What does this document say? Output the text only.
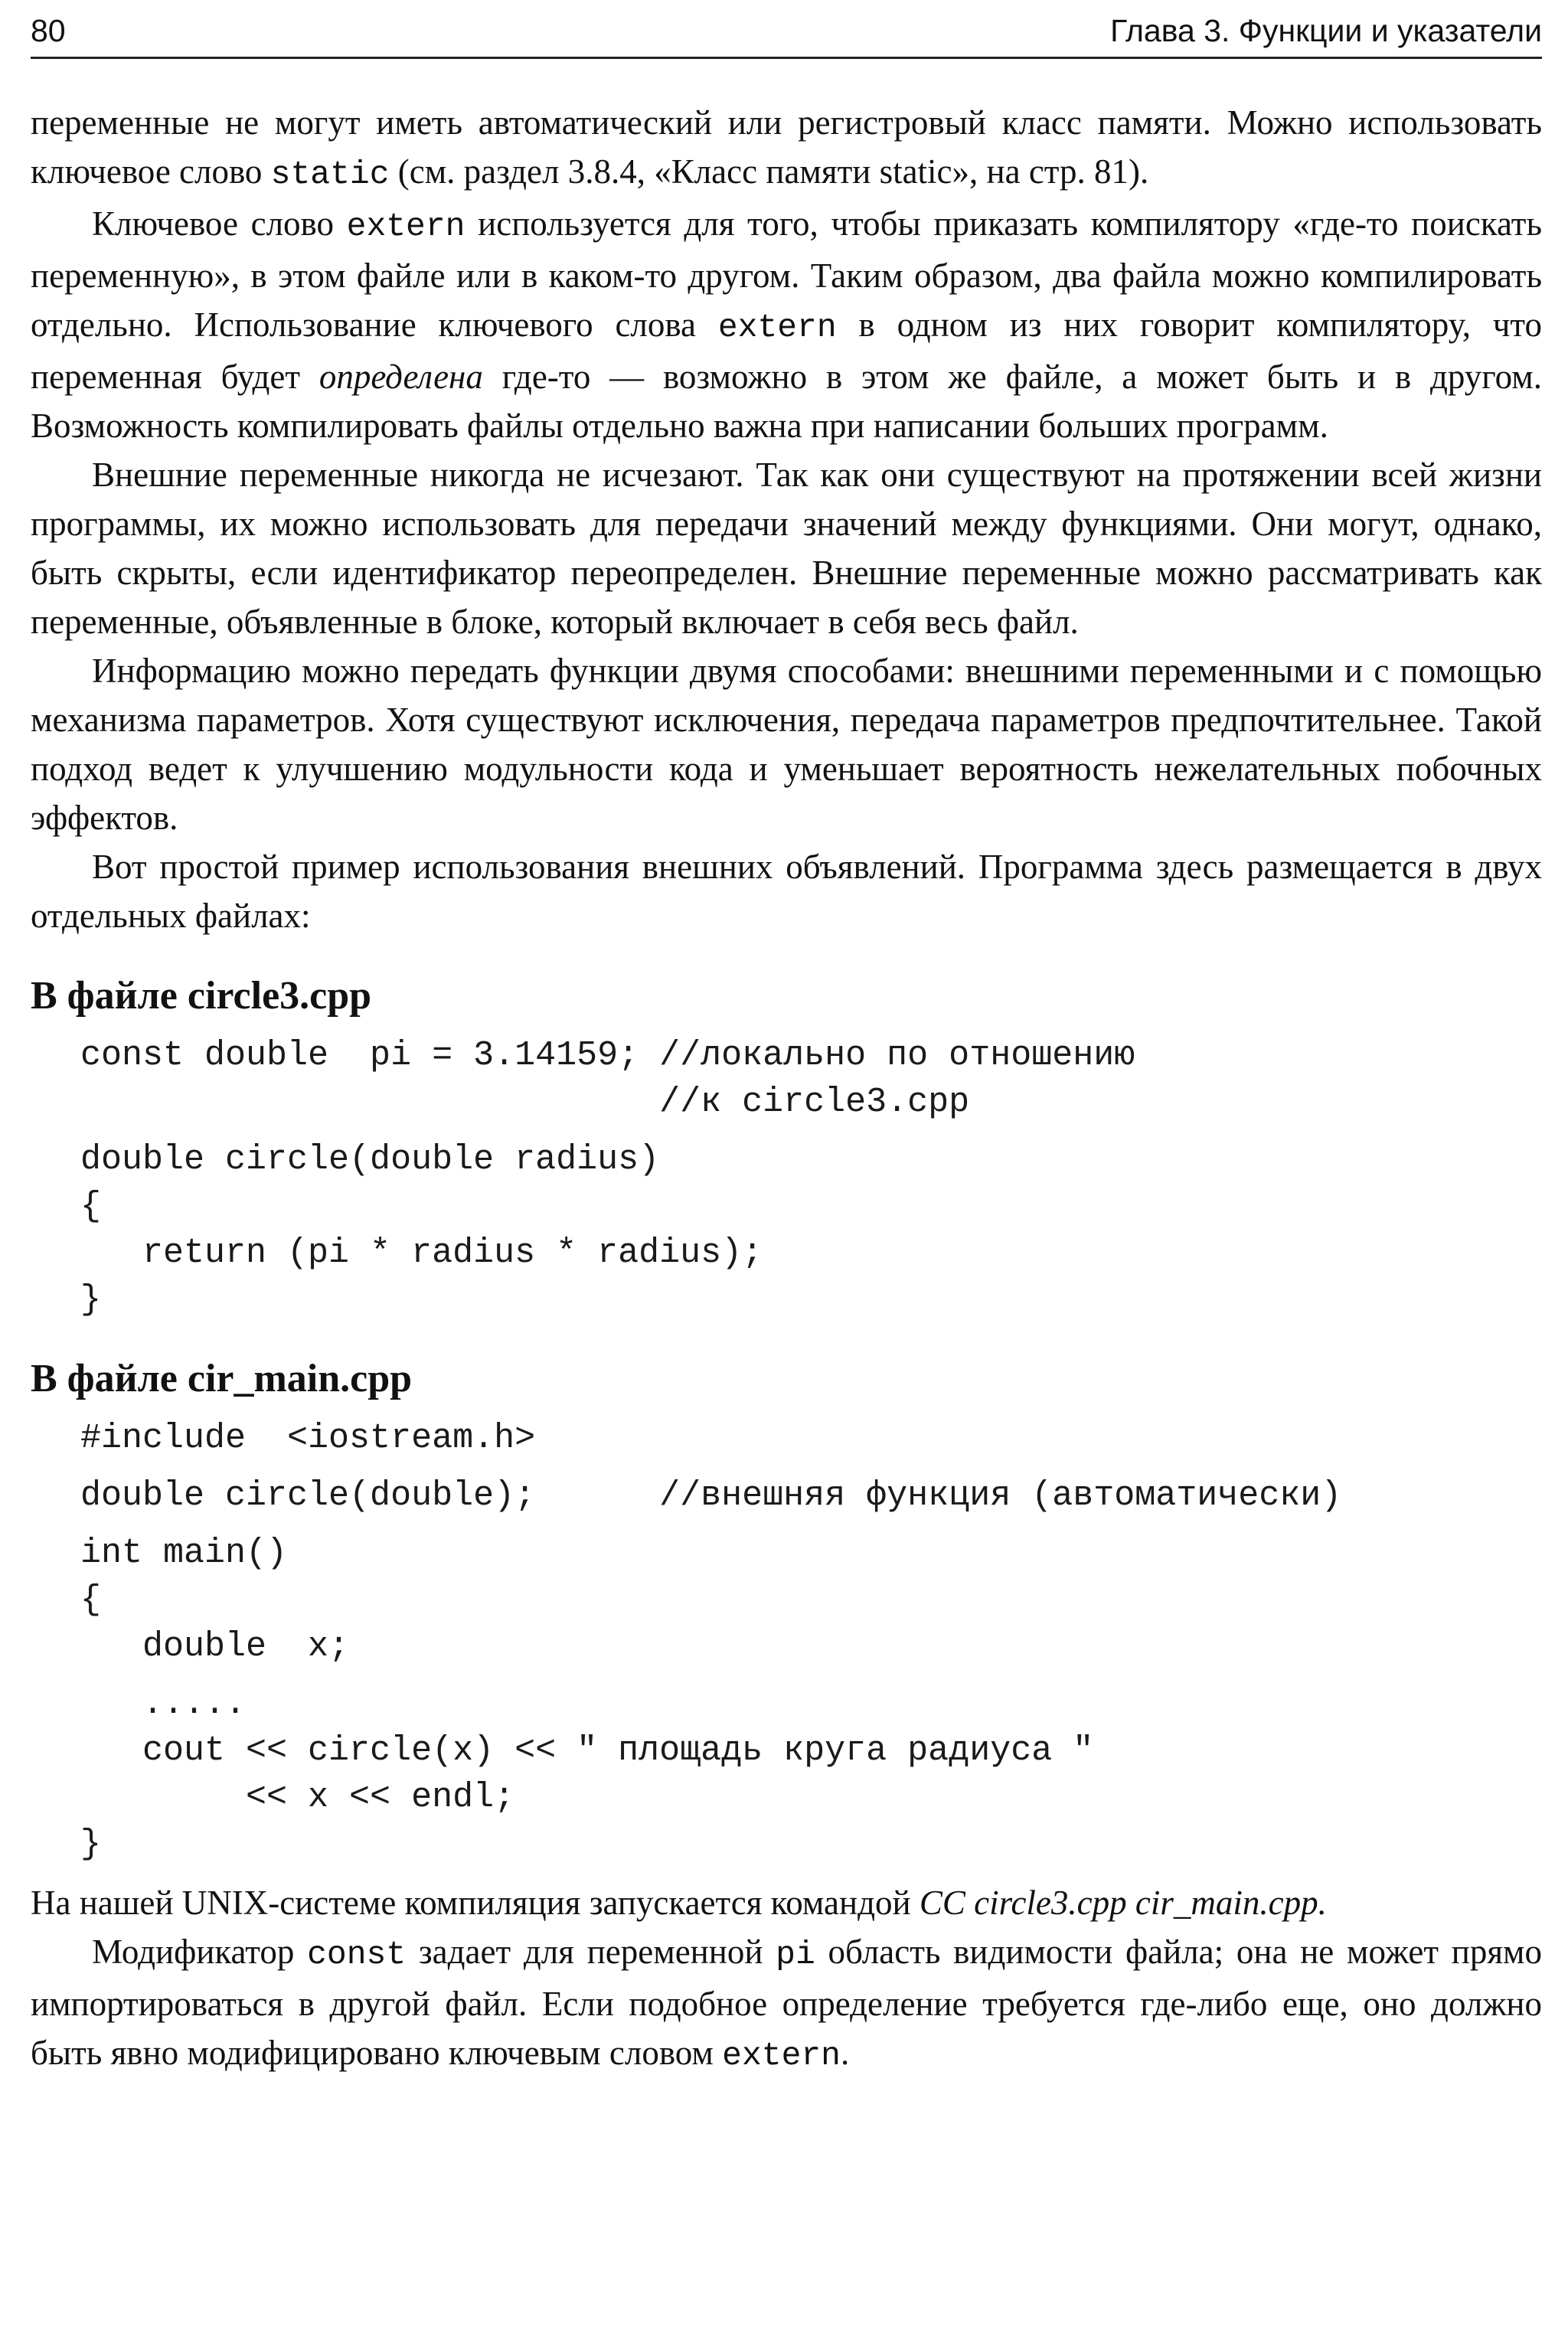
80	Глава 3. Функции и указатели

переменные не могут иметь автоматический или регистровый класс памяти. Можно использовать ключевое слово static (см. раздел 3.8.4, «Класс памяти static», на стр. 81).

Ключевое слово extern используется для того, чтобы приказать компилятору «где-то поискать переменную», в этом файле или в каком-то другом. Таким образом, два файла можно компилировать отдельно. Использование ключевого слова extern в одном из них говорит компилятору, что переменная будет определена где-то — возможно в этом же файле, а может быть и в другом. Возможность компилировать файлы отдельно важна при написании больших программ.

Внешние переменные никогда не исчезают. Так как они существуют на протяжении всей жизни программы, их можно использовать для передачи значений между функциями. Они могут, однако, быть скрыты, если идентификатор переопределен. Внешние переменные можно рассматривать как переменные, объявленные в блоке, который включает в себя весь файл.

Информацию можно передать функции двумя способами: внешними переменными и с помощью механизма параметров. Хотя существуют исключения, передача параметров предпочтительнее. Такой подход ведет к улучшению модульности кода и уменьшает вероятность нежелательных побочных эффектов.

Вот простой пример использования внешних объявлений. Программа здесь размещается в двух отдельных файлах:

В файле circle3.cpp
const double  pi = 3.14159; //локально по отношению
//к circle3.cpp
double circle(double radius)
{
return (pi * radius * radius);
}
В файле cir_main.cpp
#include  <iostream.h>
double circle(double);      //внешняя функция (автоматически)
int main()
{
double  x;
.....
cout << circle(x) << " площадь круга радиуса "
<< x << endl;
}

На нашей UNIX-системе компиляция запускается командой CC circle3.cpp cir_main.cpp.

Модификатор const задает для переменной pi область видимости файла; она не может прямо импортироваться в другой файл. Если подобное определение требуется где-либо еще, оно должно быть явно модифицировано ключевым словом extern.
